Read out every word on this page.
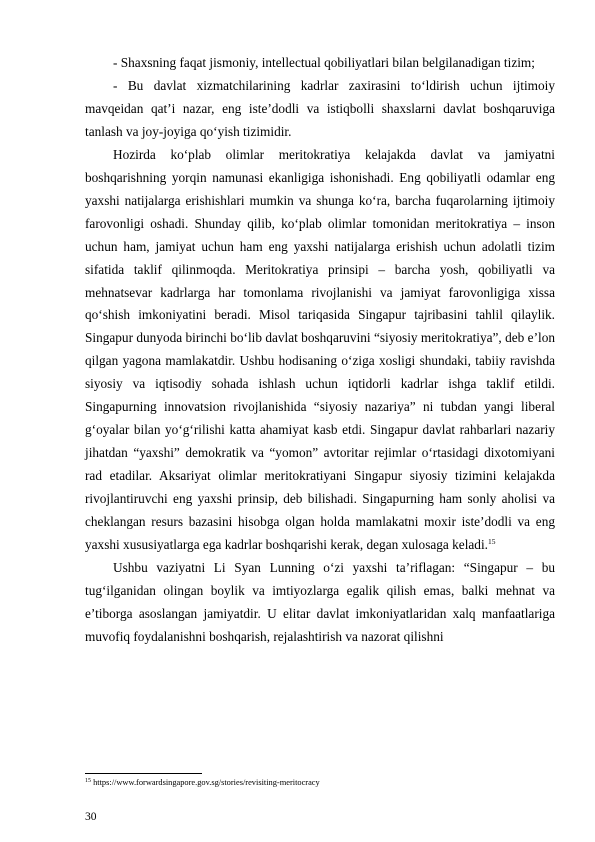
- Shaxsning faqat jismoniy, intellectual qobiliyatlari bilan belgilanadigan tizim;

- Bu davlat xizmatchilarining kadrlar zaxirasini to‘ldirish uchun ijtimoiy mavqeidan qat’i nazar, eng iste’dodli va istiqbolli shaxslarni davlat boshqaruviga tanlash va joy-joyiga qo‘yish tizimidir.

Hozirda ko‘plab olimlar meritokratiya kelajakda davlat va jamiyatni boshqarishning yorqin namunasi ekanligiga ishonishadi. Eng qobiliyatli odamlar eng yaxshi natijalarga erishishlari mumkin va shunga ko‘ra, barcha fuqarolarning ijtimoiy farovonligi oshadi. Shunday qilib, ko‘plab olimlar tomonidan meritokratiya – inson uchun ham, jamiyat uchun ham eng yaxshi natijalarga erishish uchun adolatli tizim sifatida taklif qilinmoqda. Meritokratiya prinsipi – barcha yosh, qobiliyatli va mehnatsevar kadrlarga har tomonlama rivojlanishi va jamiyat farovonligiga xissa qo‘shish imkoniyatini beradi. Misol tariqasida Singapur tajribasini tahlil qilaylik. Singapur dunyoda birinchi bo‘lib davlat boshqaruvini “siyosiy meritokratiya”, deb e’lon qilgan yagona mamlakatdir. Ushbu hodisaning o‘ziga xosligi shundaki, tabiiy ravishda siyosiy va iqtisodiy sohada ishlash uchun iqtidorli kadrlar ishga taklif etildi. Singapurning innovatsion rivojlanishida “siyosiy nazariya” ni tubdan yangi liberal g‘oyalar bilan yo‘g‘rilishi katta ahamiyat kasb etdi. Singapur davlat rahbarlari nazariy jihatdan “yaxshi” demokratik va “yomon” avtoritar rejimlar o‘rtasidagi dixotomiyani rad etadilar. Aksariyat olimlar meritokratiyani Singapur siyosiy tizimini kelajakda rivojlantiruvchi eng yaxshi prinsip, deb bilishadi. Singapurning ham sonly aholisi va cheklangan resurs bazasini hisobga olgan holda mamlakatni moxir iste’dodli va eng yaxshi xususiyatlarga ega kadrlar boshqarishi kerak, degan xulosaga keladi.$^{15}$

Ushbu vaziyatni Li Syan Lunning o‘zi yaxshi ta’riflagan: “Singapur – bu tug‘ilganidan olingan boylik va imtiyozlarga egalik qilish emas, balki mehnat va e’tiborga asoslangan jamiyatdir. U elitar davlat imkoniyatlaridan xalq manfaatlariga muvofiq foydalanishni boshqarish, rejalashtirish va nazorat qilishni

$^{15}$ https://www.forwardsingapore.gov.sg/stories/revisiting-meritocracy
30
